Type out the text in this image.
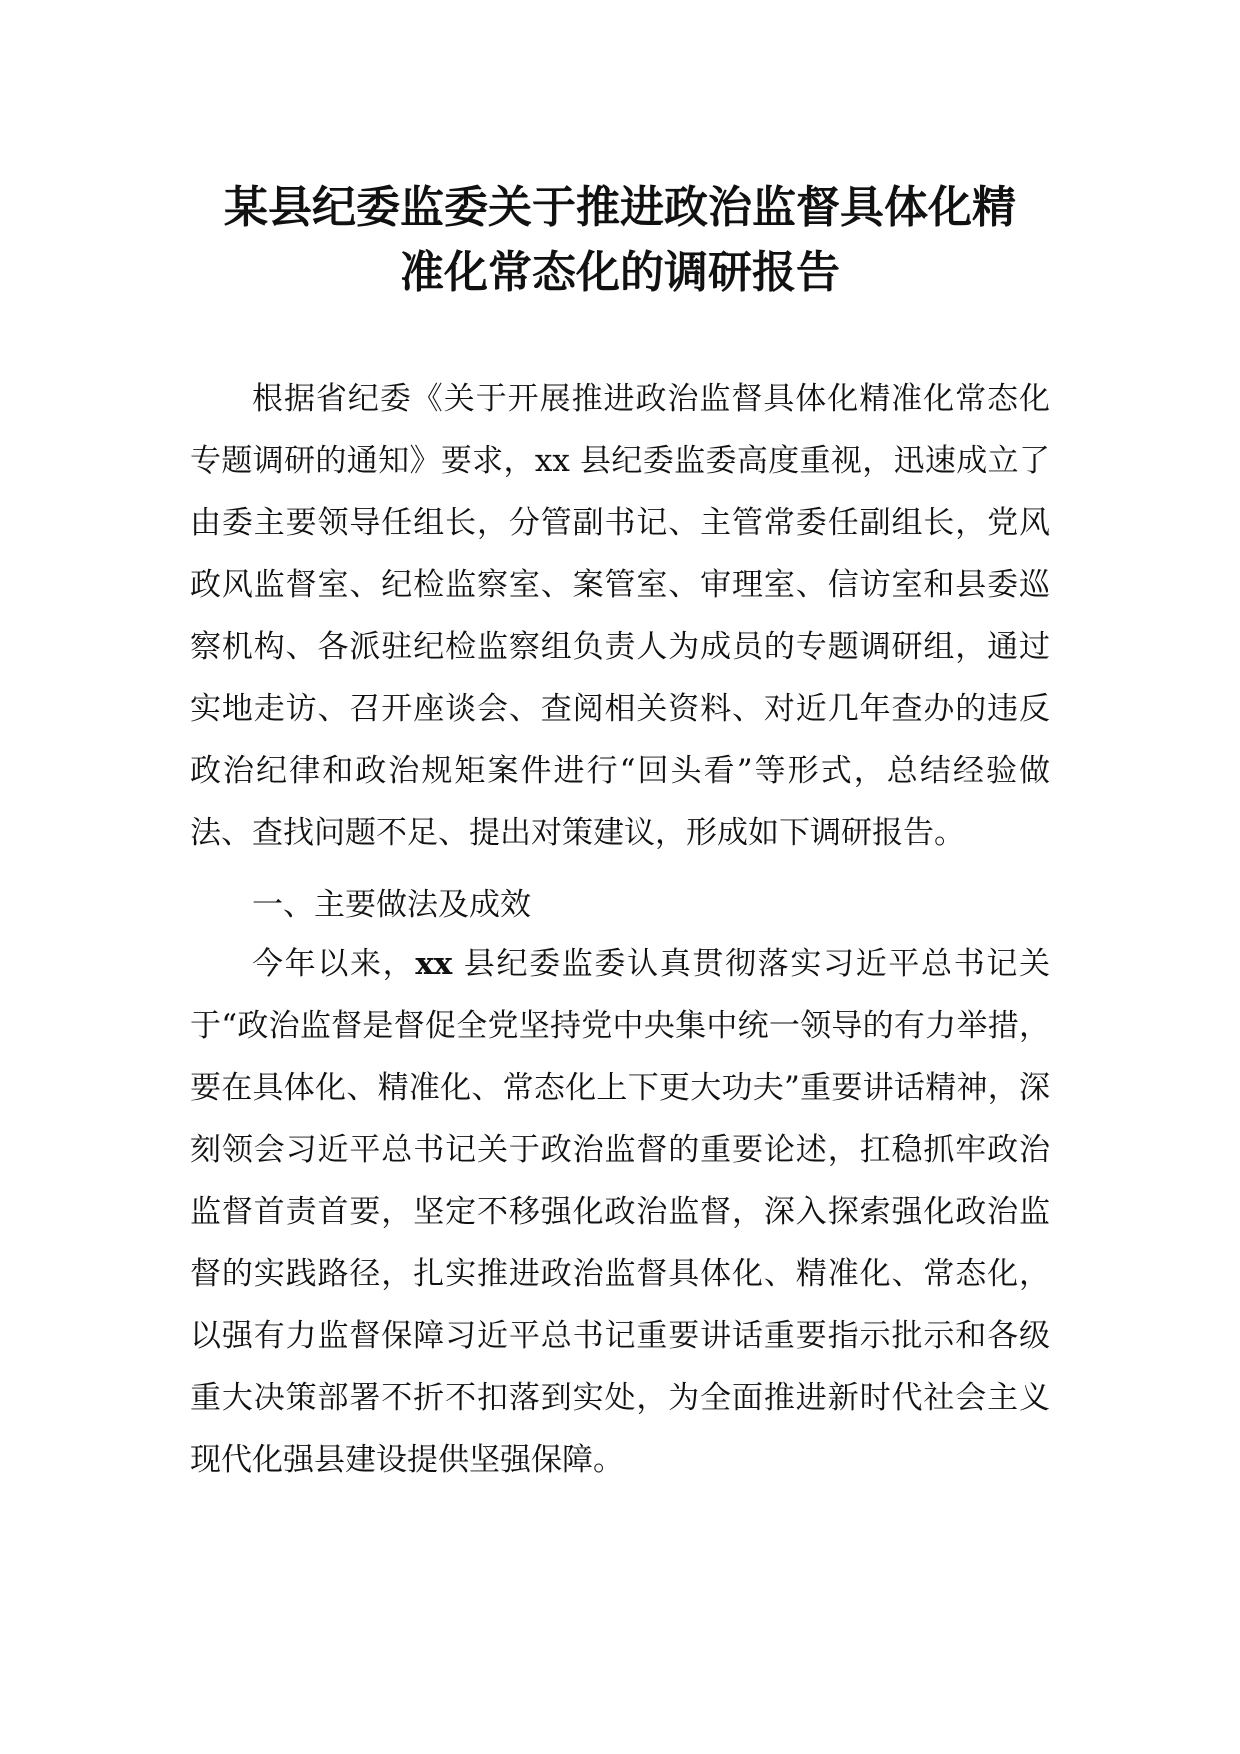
某县纪委监委关于推进政治监督具体化精
准化常态化的调研报告

根据省纪委《关于开展推进政治监督具体化精准化常态化专题调研的通知》要求，xx 县纪委监委高度重视，迅速成立了由委主要领导任组长，分管副书记、主管常委任副组长，党风政风监督室、纪检监察室、案管室、审理室、信访室和县委巡察机构、各派驻纪检监察组负责人为成员的专题调研组，通过实地走访、召开座谈会、查阅相关资料、对近几年查办的违反政治纪律和政治规矩案件进行“回头看”等形式，总结经验做法、查找问题不足、提出对策建议，形成如下调研报告。

一、主要做法及成效

今年以来，xx 县纪委监委认真贯彻落实习近平总书记关于“政治监督是督促全党坚持党中央集中统一领导的有力举措，要在具体化、精准化、常态化上下更大功夫”重要讲话精神，深刻领会习近平总书记关于政治监督的重要论述，扛稳抓牢政治监督首责首要，坚定不移强化政治监督，深入探索强化政治监督的实践路径，扎实推进政治监督具体化、精准化、常态化，以强有力监督保障习近平总书记重要讲话重要指示批示和各级重大决策部署不折不扣落到实处，为全面推进新时代社会主义现代化强县建设提供坚强保障。
